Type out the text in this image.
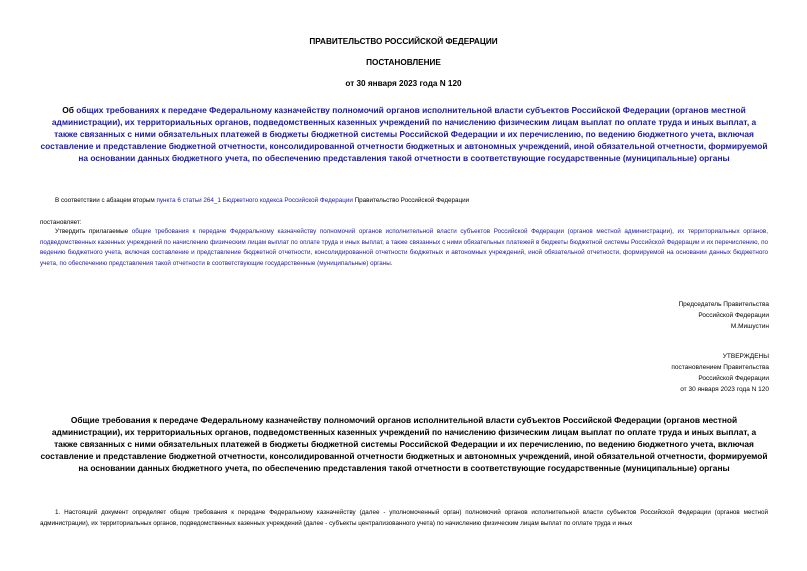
ПРАВИТЕЛЬСТВО РОССИЙСКОЙ ФЕДЕРАЦИИ
ПОСТАНОВЛЕНИЕ
от 30 января 2023 года N 120
Об общих требованиях к передаче Федеральному казначейству полномочий органов исполнительной власти субъектов Российской Федерации (органов местной администрации), их территориальных органов, подведомственных казенных учреждений по начислению физическим лицам выплат по оплате труда и иных выплат, а также связанных с ними обязательных платежей в бюджеты бюджетной системы Российской Федерации и их перечислению, по ведению бюджетного учета, включая составление и представление бюджетной отчетности, консолидированной отчетности бюджетных и автономных учреждений, иной обязательной отчетности, формируемой на основании данных бюджетного учета, по обеспечению представления такой отчетности в соответствующие государственные (муниципальные) органы
В соответствии с абзацем вторым пункта 6 статьи 264_1 Бюджетного кодекса Российской Федерации Правительство Российской Федерации
постановляет:
Утвердить прилагаемые общие требования к передаче Федеральному казначейству полномочий органов исполнительной власти субъектов Российской Федерации (органов местной администрации), их территориальных органов, подведомственных казенных учреждений по начислению физическим лицам выплат по оплате труда и иных выплат, а также связанных с ними обязательных платежей в бюджеты бюджетной системы Российской Федерации и их перечислению, по ведению бюджетного учета, включая составление и представление бюджетной отчетности, консолидированной отчетности бюджетных и автономных учреждений, иной обязательной отчетности, формируемой на основании данных бюджетного учета, по обеспечению представления такой отчетности в соответствующие государственные (муниципальные) органы.
Председатель Правительства
Российской Федерации
М.Мишустин
УТВЕРЖДЕНЫ
постановлением Правительства
Российской Федерации
от 30 января 2023 года N 120
Общие требования к передаче Федеральному казначейству полномочий органов исполнительной власти субъектов Российской Федерации (органов местной администрации), их территориальных органов, подведомственных казенных учреждений по начислению физическим лицам выплат по оплате труда и иных выплат, а также связанных с ними обязательных платежей в бюджеты бюджетной системы Российской Федерации и их перечислению, по ведению бюджетного учета, включая составление и представление бюджетной отчетности, консолидированной отчетности бюджетных и автономных учреждений, иной обязательной отчетности, формируемой на основании данных бюджетного учета, по обеспечению представления такой отчетности в соответствующие государственные (муниципальные) органы
1. Настоящий документ определяет общие требования к передаче Федеральному казначейству (далее - уполномоченный орган) полномочий органов исполнительной власти субъектов Российской Федерации (органов местной администрации), их территориальных органов, подведомственных казенных учреждений (далее - субъекты централизованного учета) по начислению физическим лицам выплат по оплате труда и иных
